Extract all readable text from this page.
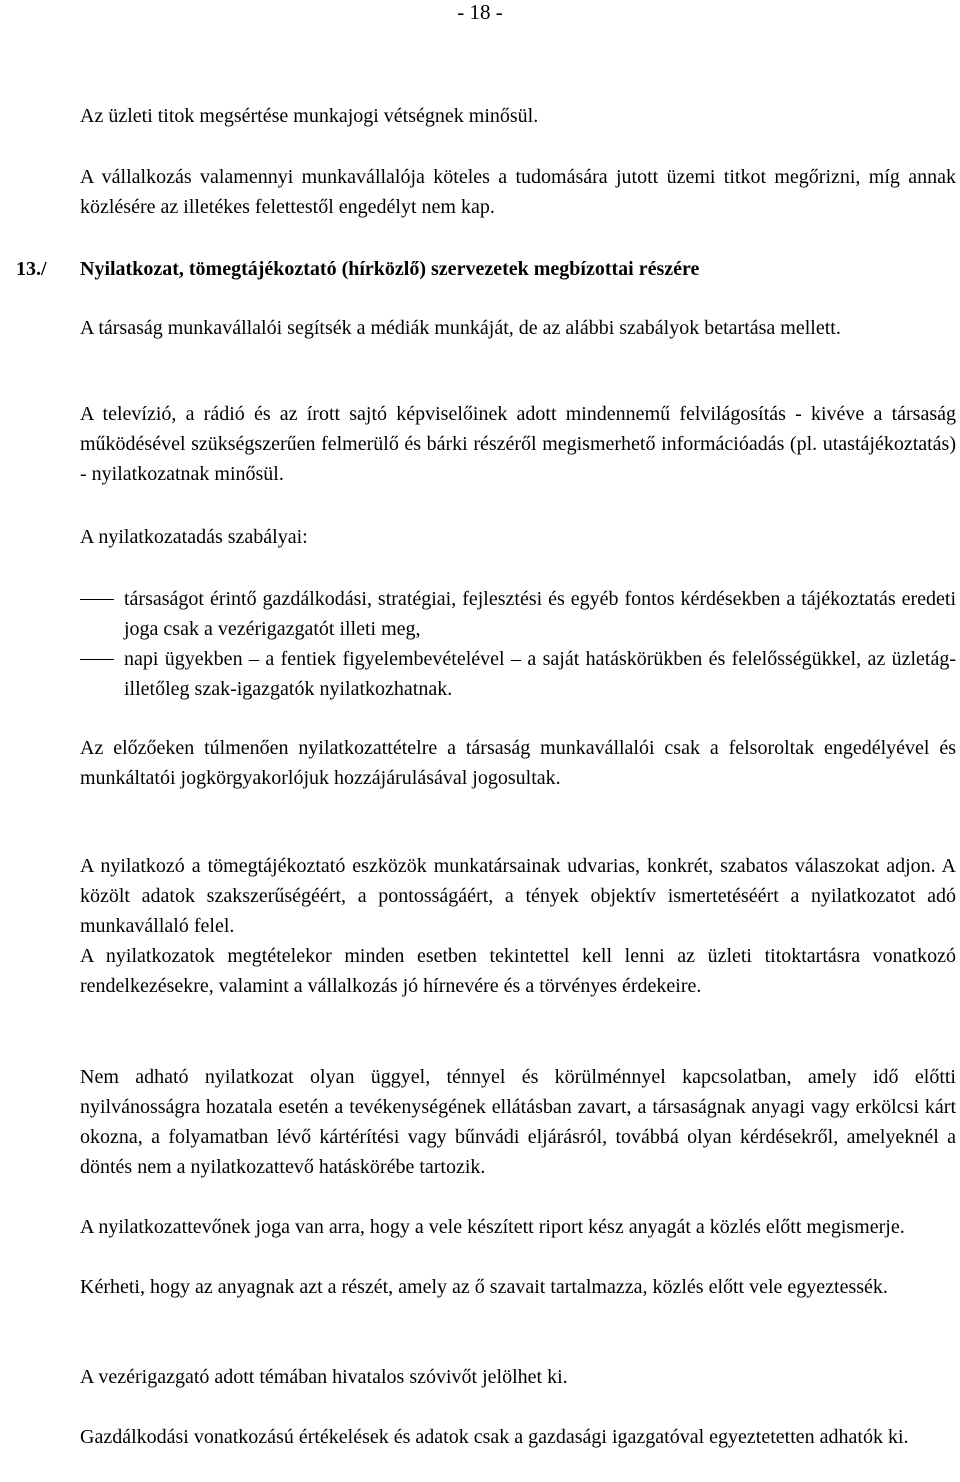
- 18 -

Az üzleti titok megsértése munkajogi vétségnek minősül.

A vállalkozás valamennyi munkavállalója köteles a tudomására jutott üzemi titkot megőrizni, míg annak közlésére az illetékes felettestől engedélyt nem kap.

13./ Nyilatkozat, tömegtájékoztató (hírközlő) szervezetek megbízottai részére

A társaság munkavállalói segítsék a médiák munkáját, de az alábbi szabályok betartása mellett.

A televízió, a rádió és az írott sajtó képviselőinek adott mindennemű felvilágosítás - kivéve a társaság működésével szükségszerűen felmerülő és bárki részéről megismerhető információadás (pl. utastájékoztatás) - nyilatkozatnak minősül.

A nyilatkozatadás szabályai:

társaságot érintő gazdálkodási, stratégiai, fejlesztési és egyéb fontos kérdésekben a tájékoztatás eredeti joga csak a vezérigazgatót illeti meg,
napi ügyekben – a fentiek figyelembevételével – a saját hatáskörükben és felelősségükkel, az üzletág- illetőleg szak-igazgatók nyilatkozhatnak.

Az előzőeken túlmenően nyilatkozattételre a társaság munkavállalói csak a felsoroltak engedélyével és munkáltatói jogkörgyakorlójuk hozzájárulásával jogosultak.

A nyilatkozó a tömegtájékoztató eszközök munkatársainak udvarias, konkrét, szabatos válaszokat adjon. A közölt adatok szakszerűségéért, a pontosságáért, a tények objektív ismertetéséért a nyilatkozatot adó munkavállaló felel.

A nyilatkozatok megtételekor minden esetben tekintettel kell lenni az üzleti titoktartásra vonatkozó rendelkezésekre, valamint a vállalkozás jó hírnevére és a törvényes érdekeire.

Nem adható nyilatkozat olyan üggyel, ténnyel és körülménnyel kapcsolatban, amely idő előtti nyilvánosságra hozatala esetén a tevékenységének ellátásban zavart, a társaságnak anyagi vagy erkölcsi kárt okozna, a folyamatban lévő kártérítési vagy bűnvádi eljárásról, továbbá olyan kérdésekről, amelyeknél a döntés nem a nyilatkozattevő hatáskörébe tartozik.

A nyilatkozattevőnek joga van arra, hogy a vele készített riport kész anyagát a közlés előtt megismerje.

Kérheti, hogy az anyagnak azt a részét, amely az ő szavait tartalmazza, közlés előtt vele egyeztessék.

A vezérigazgató adott témában hivatalos szóvivőt jelölhet ki.

Gazdálkodási vonatkozású értékelések és adatok csak a gazdasági igazgatóval egyeztetetten adhatók ki.
